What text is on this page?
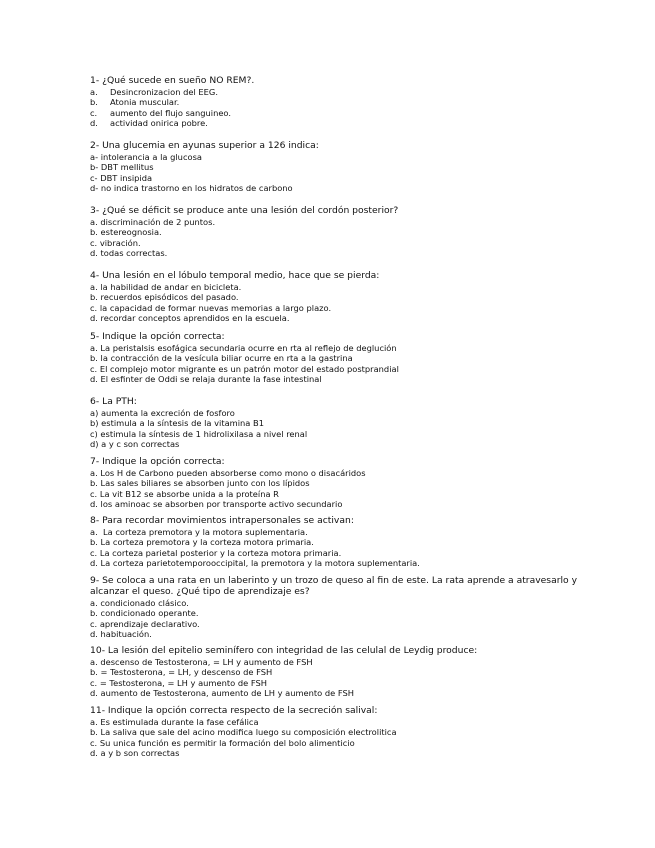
1- ¿Qué sucede en sueño NO REM?.

a. Desincronizacion del EEG.

b. Atonia muscular.

c. aumento del flujo sanguineo.

d. actividad onirica pobre.

2- Una glucemia en ayunas superior a 126 indica:

a- intolerancia a la glucosa

b- DBT mellitus

c- DBT insipida

d- no indica trastorno en los hidratos de carbono

3- ¿Qué se déficit se produce ante una lesión del cordón posterior?

a. discriminación de 2 puntos.

b. estereognosia.

c. vibración.

d. todas correctas.

4- Una lesión en el lóbulo temporal medio, hace que se pierda:

a. la habilidad de andar en bicicleta.

b. recuerdos episódicos del pasado.

c. la capacidad de formar nuevas memorias a largo plazo.

d. recordar conceptos aprendidos en la escuela.

5- Indique la opción correcta:

a. La peristalsis esofágica secundaria ocurre en rta al reflejo de deglución

b. la contracción de la vesícula biliar ocurre en rta a la gastrina

c. El complejo motor migrante es un patrón motor del estado postprandial

d. El esfinter de Oddi se relaja durante la fase intestinal

6- La PTH:

a) aumenta la excreción de fosforo

b) estimula a la síntesis de la vitamina B1

c) estimula la síntesis de 1 hidrolixilasa a nivel renal

d) a y c son correctas

7- Indique la opción correcta:

a. Los H de Carbono pueden absorberse como mono o disacáridos

b. Las sales biliares se absorben junto con los lípidos

c. La vit B12 se absorbe unida a la proteína R

d. los aminoac se absorben por transporte activo secundario

8- Para recordar movimientos intrapersonales se activan:

a.  La corteza premotora y la motora suplementaria.

b. La corteza premotora y la corteza motora primaria.

c. La corteza parietal posterior y la corteza motora primaria.

d. La corteza parietotemporooccipital, la premotora y la motora suplementaria.

9- Se coloca a una rata en un laberinto y un trozo de queso al fin de este. La rata aprende a atravesarlo y alcanzar el queso. ¿Qué tipo de aprendizaje es?

a. condicionado clásico.

b. condicionado operante.

c. aprendizaje declarativo.

d. habituación.

10- La lesión del epitelio seminífero con integridad de las celulal de Leydig produce:

a. descenso de Testosterona, = LH y aumento de FSH

b. = Testosterona, = LH, y descenso de FSH

c. = Testosterona, = LH y aumento de FSH

d. aumento de Testosterona, aumento de LH y aumento de FSH

11- Indique la opción correcta respecto de la secreción salival:

a. Es estimulada durante la fase cefálica

b. La saliva que sale del acino modifica luego su composición electrolitica

c. Su unica función es permitir la formación del bolo alimenticio

d. a y b son correctas
